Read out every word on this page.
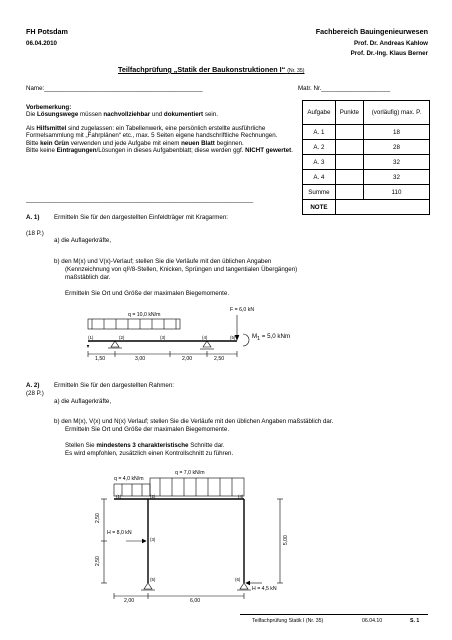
FH Potsdam
06.04.2010
Fachbereich Bauingenieurwesen
Prof. Dr. Andreas Kahlow
Prof. Dr.-Ing. Klaus Berner
Teilfachprüfung „Statik der Baukonstruktionen I“ (Nr. 35)
Name:______________________________________________	Matr. Nr.____________________
Vorbemerkung:
Die Lösungswege müssen nachvollziehbar und dokumentiert sein.
Als Hilfsmittel sind zugelassen: ein Tabellenwerk, eine persönlich erstellte ausführliche Formelsammlung mit „Fahrplänen“ etc., max. 5 Seiten eigene handschriftliche Rechnungen.
Bitte kein Grün verwenden und jede Aufgabe mit einem neuen Blatt beginnen.
Bitte keine Eintragungen/Lösungen in dieses Aufgabenblatt; diese werden ggf. NICHT gewertet.
__________________________________________________________________
Aufgabe	Punkte	(vorläufig) max. P.
A. 1		18
A. 2		28
A. 3		32
A. 4		32
Summe		110
NOTE		
A. 1) Ermitteln Sie für den dargestellten Einfeldträger mit Kragarmen:
(18 P.)
a) die Auflagerkräfte,
b) den M(x) und V(x)-Verlauf; stellen Sie die Verläufe mit den üblichen Angaben
(Kennzeichnung von ql²/8-Stellen, Knicken, Sprüngen und tangentialen Übergängen)
maßstäblich dar.
Ermitteln Sie Ort und Größe der maximalen Biegemomente.
q = 10,0 kN/m
F = 6,0 kN
$M_1 = 5,0$ kNm
(1)	(2)	(3)	(4)	(5)
1,50	3,00	2,00	2,50
A. 2) Ermitteln Sie für den dargestellten Rahmen:
(28 P.)
a) die Auflagerkräfte,
b) den M(x), V(x) und N(x) Verlauf; stellen Sie die Verläufe mit den üblichen Angaben maßstäblich dar.
Ermitteln Sie Ort und Größe der maximalen Biegemomente.
Stellen Sie mindestens 3 charakteristische Schnitte dar.
Es wird empfohlen, zusätzlich einen Kontrollschnitt zu führen.
q = 4,0 kN/m
q = 7,0 kN/m
H = 8,0 kN
H = 4,5 kN
(1)	(2)
(3)
(4)
(5)	(6)
2,50
2,50
5,00
2,00	6,00
Teilfachprüfung Statik I (Nr. 35)	06.04.10	S. 1
